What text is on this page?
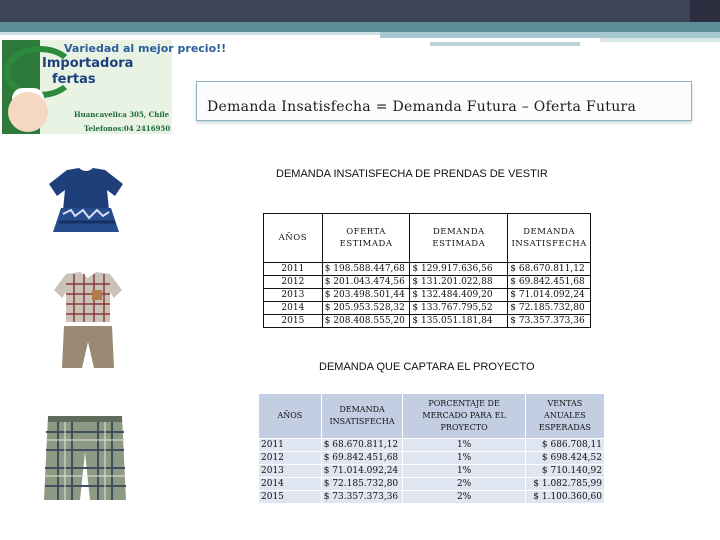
Variedad al mejor precio!!
Importadora
fertas
Huancavelica 305, Chile
Telefonos:04 2416950
Demanda Insatisfecha = Demanda Futura – Oferta Futura
DEMANDA INSATISFECHA DE PRENDAS DE VESTIR
AÑOS	OFERTA ESTIMADA	DEMANDA ESTIMADA	DEMANDA INSATISFECHA
2011	$ 198.588.447,68	$ 129.917.636,56	$ 68.670.811,12
2012	$ 201.043.474,56	$ 131.201.022,88	$ 69.842.451,68
2013	$ 203.498.501,44	$ 132.484.409,20	$ 71.014.092,24
2014	$ 205.953.528,32	$ 133.767.795,52	$ 72.185.732,80
2015	$ 208.408.555,20	$ 135.051.181,84	$ 73.357.373,36
DEMANDA QUE CAPTARA EL PROYECTO
AÑOS	DEMANDA INSATISFECHA	PORCENTAJE DE MERCADO PARA EL PROYECTO	VENTAS ANUALES ESPERADAS
2011	$ 68.670.811,12	1%	$ 686.708,11
2012	$ 69.842.451,68	1%	$ 698.424,52
2013	$ 71.014.092,24	1%	$ 710.140,92
2014	$ 72.185.732,80	2%	$ 1.082.785,99
2015	$ 73.357.373,36	2%	$ 1.100.360,60
